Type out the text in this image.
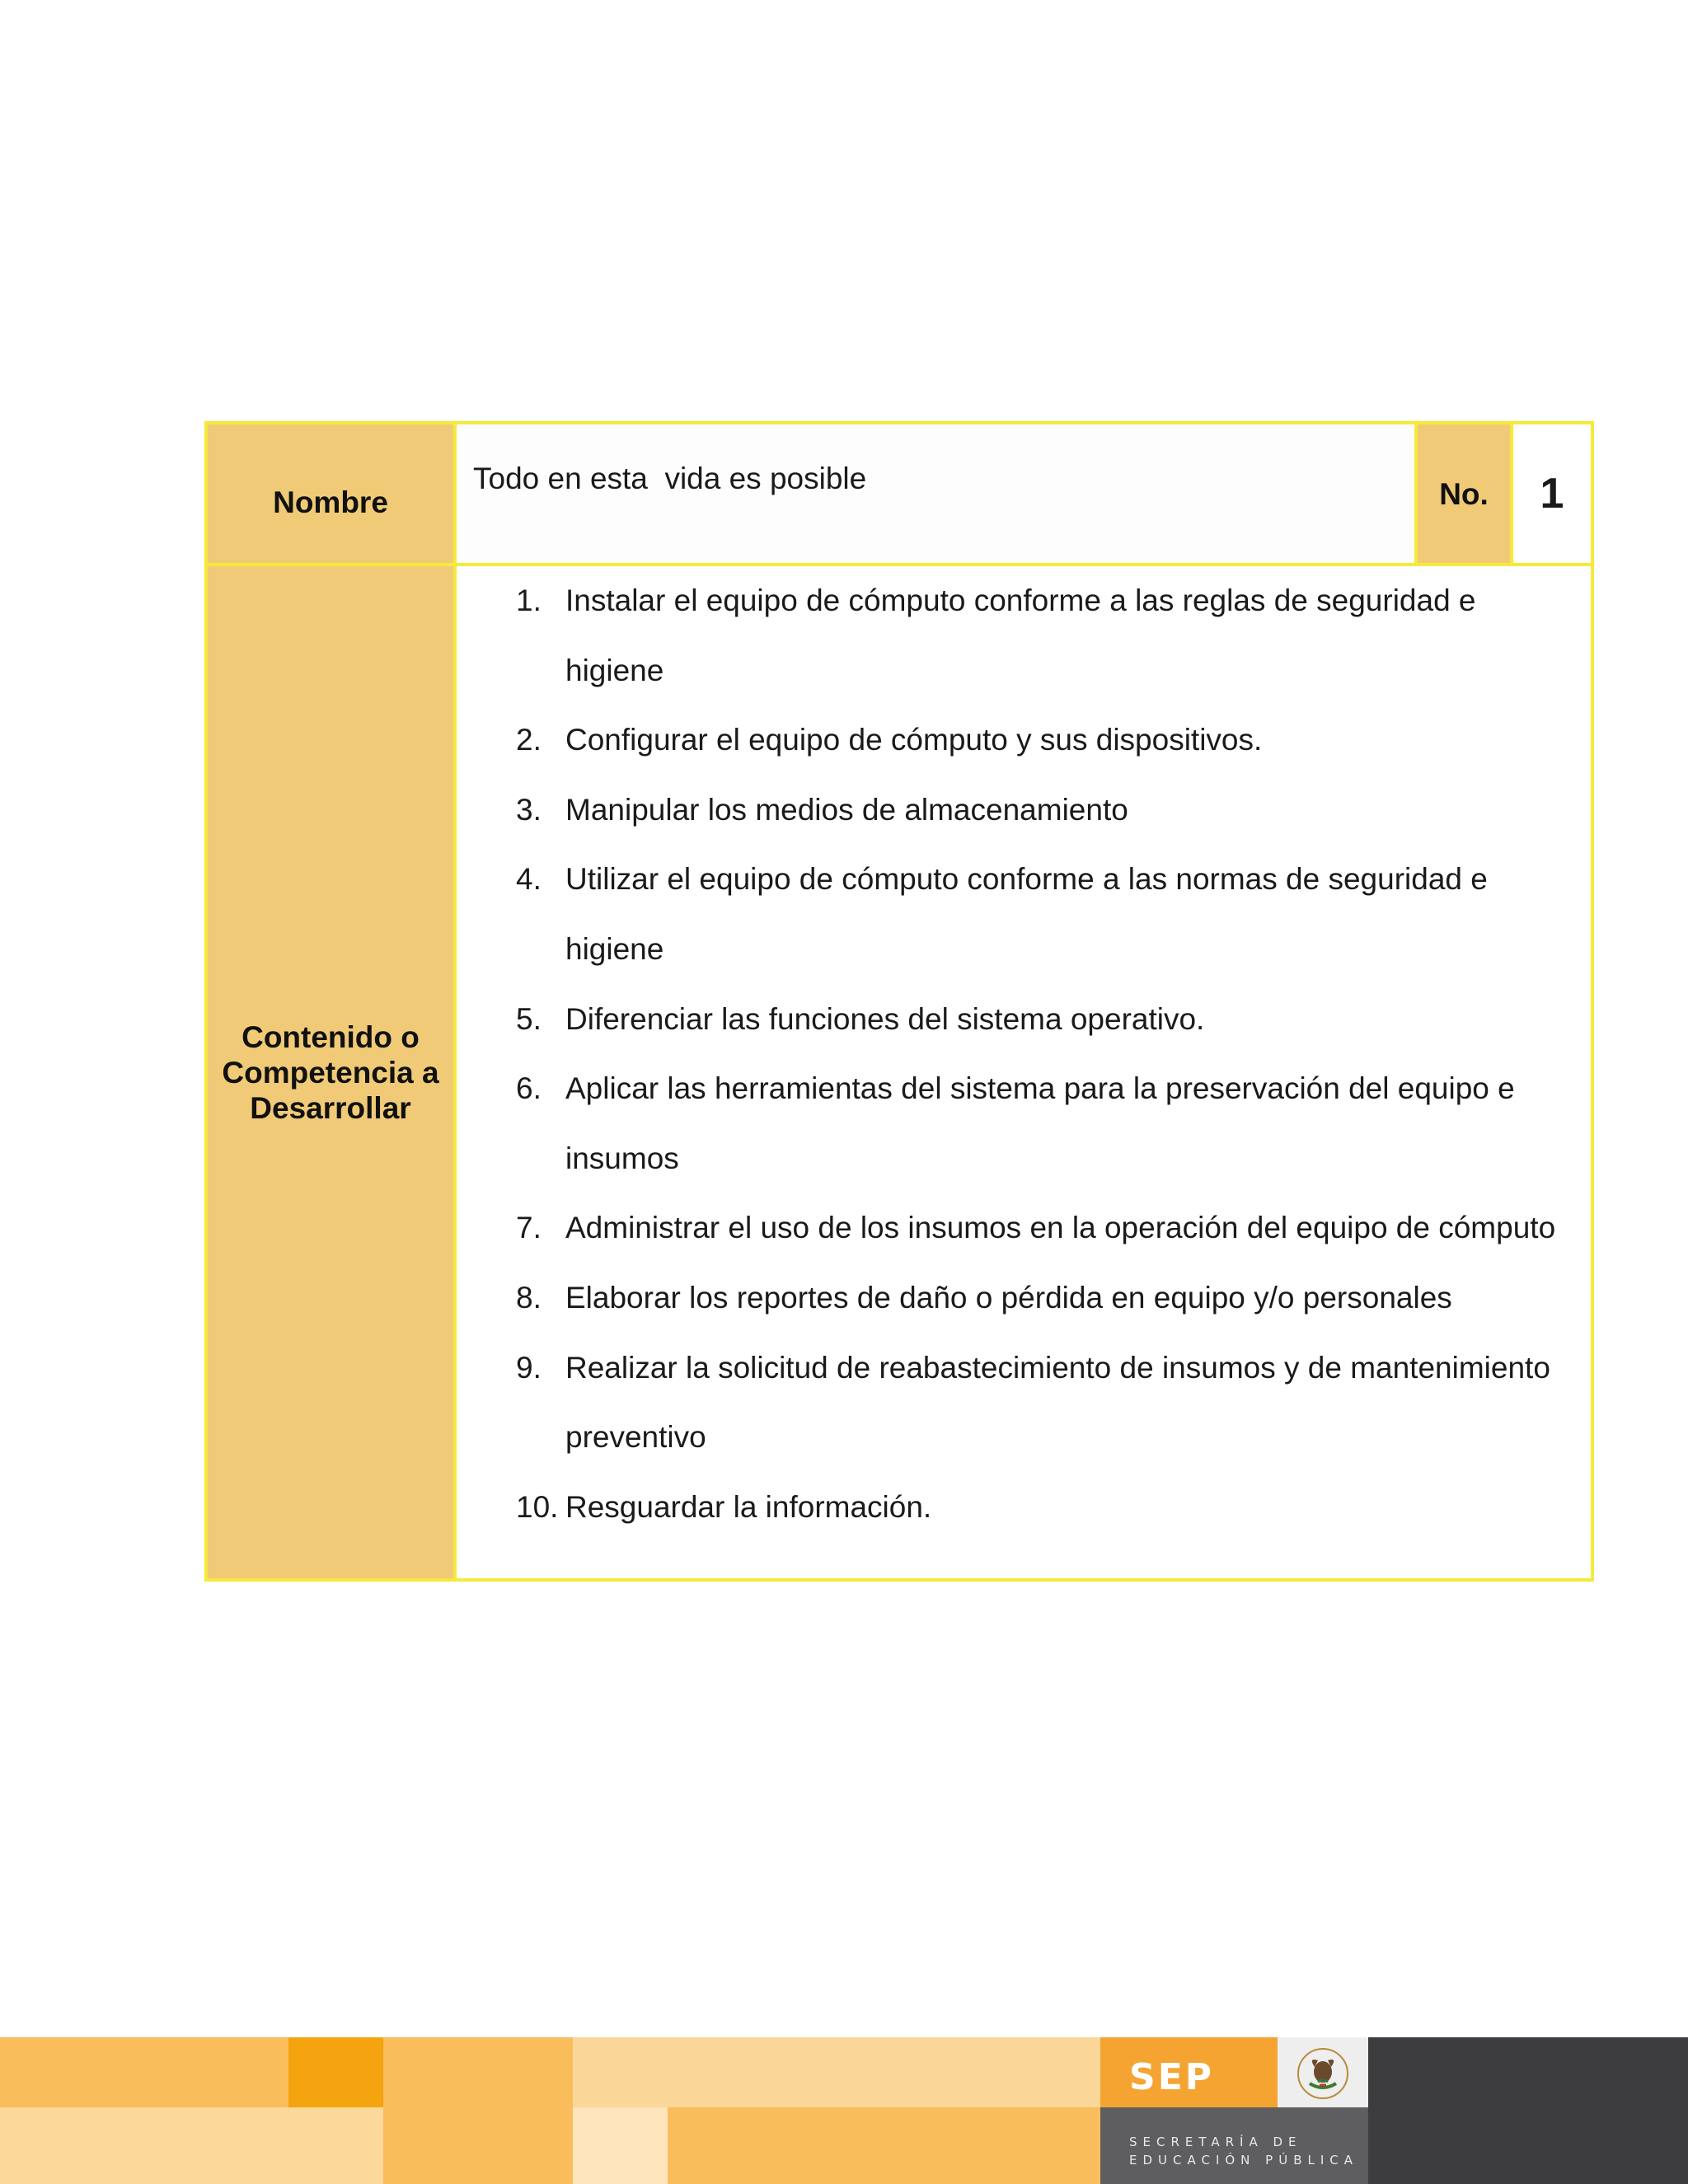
Nombre
Todo en esta  vida es posible	No.	1
Contenido o Competencia a Desarrollar
1. Instalar el equipo de cómputo conforme a las reglas de seguridad e higiene
2. Configurar el equipo de cómputo y sus dispositivos.
3. Manipular los medios de almacenamiento
4. Utilizar el equipo de cómputo conforme a las normas de seguridad e higiene
5. Diferenciar las funciones del sistema operativo.
6. Aplicar las herramientas del sistema para la preservación del equipo e insumos
7. Administrar el uso de los insumos en la operación del equipo de cómputo
8. Elaborar los reportes de daño o pérdida en equipo y/o personales
9. Realizar la solicitud de reabastecimiento de insumos y de mantenimiento preventivo
10. Resguardar la información.
SEP
SECRETARÍA DE
EDUCACIÓN PÚBLICA
